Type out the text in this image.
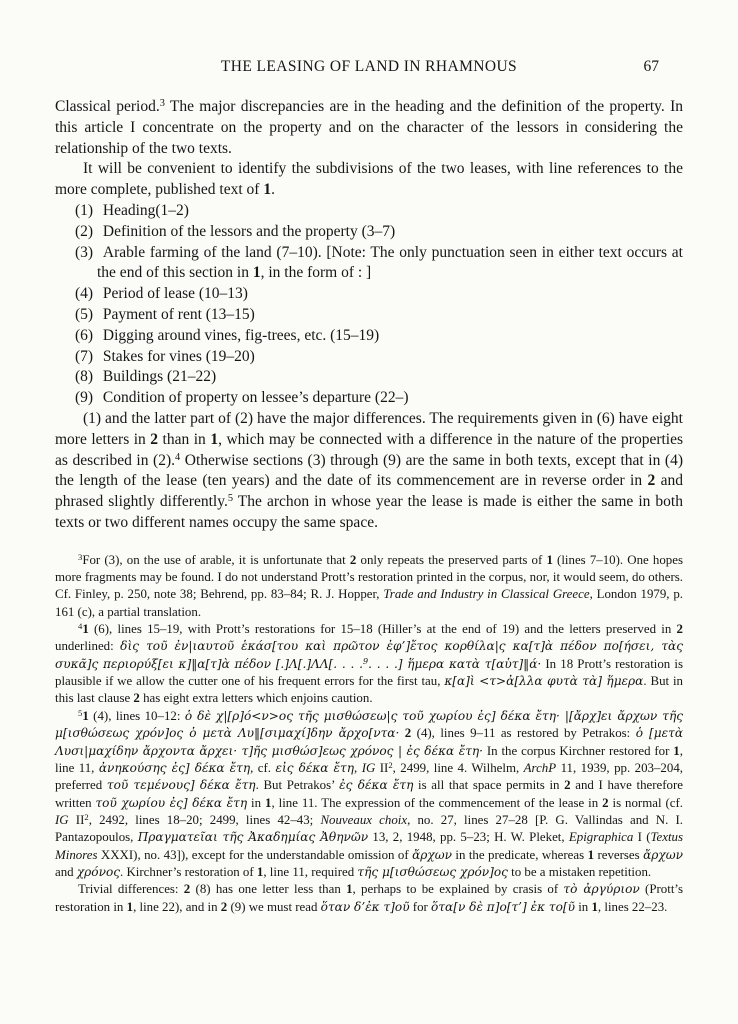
THE LEASING OF LAND IN RHAMNOUS	67

Classical period.$^3$ The major discrepancies are in the heading and the definition of the property. In this article I concentrate on the property and on the character of the lessors in considering the relationship of the two texts.

It will be convenient to identify the subdivisions of the two leases, with line references to the more complete, published text of 1.

(1) Heading(1–2)
(2) Definition of the lessors and the property (3–7)
(3) Arable farming of the land (7–10). [Note: The only punctuation seen in either text occurs at the end of this section in 1, in the form of : ]
(4) Period of lease (10–13)
(5) Payment of rent (13–15)
(6) Digging around vines, fig-trees, etc. (15–19)
(7) Stakes for vines (19–20)
(8) Buildings (21–22)
(9) Condition of property on lessee’s departure (22–)

(1) and the latter part of (2) have the major differences. The requirements given in (6) have eight more letters in 2 than in 1, which may be connected with a difference in the nature of the properties as described in (2).$^4$ Otherwise sections (3) through (9) are the same in both texts, except that in (4) the length of the lease (ten years) and the date of its commencement are in reverse order in 2 and phrased slightly differently.$^5$ The archon in whose year the lease is made is either the same in both texts or two different names occupy the same space.

$^3$For (3), on the use of arable, it is unfortunate that 2 only repeats the preserved parts of 1 (lines 7–10). One hopes more fragments may be found. I do not understand Prott’s restoration printed in the corpus, nor, it would seem, do others. Cf. Finley, p. 250, note 38; Behrend, pp. 83–84; R. J. Hopper, Trade and Industry in Classical Greece, London 1979, p. 161 (c), a partial translation.

$^4$1 (6), lines 15–19, with Prott’s restorations for 15–18 (Hiller’s at the end of 19) and the letters preserved in 2 underlined: δὶς τοῦ ἐν|ιαυτοῦ ἑκάσ[του καὶ πρῶτον ἐφ’]ἔτος κορθίλα|ς κα[τ]ὰ πέδον πο[ήσει, τὰς συκᾶ]ς περιορύξ[ει κ]‖α[τ]ὰ πέδον [.]Λ[.]ΛΛ[. . . .$^9$. . . .] ἥμερα κατὰ τ[αὑτ]‖ά· In 18 Prott’s restoration is plausible if we allow the cutter one of his frequent errors for the first tau, κ[α]ὶ <τ>ἀ[λλα φυτὰ τὰ] ἥμερα. But in this last clause 2 has eight extra letters which enjoins caution.

$^5$1 (4), lines 10–12: ὁ δὲ χ|[ρ]ό<ν>ος τῆς μισθώσεω|ς τοῦ χωρίου ἐς] δέκα ἔτη· |[ἄρχ]ει ἄρχων τῆς μ[ισθώσεως χρόν]ος ὁ μετὰ Λυ‖[σιμαχί]δην ἄρχο[ντα· 2 (4), lines 9–11 as restored by Petrakos: ὁ [μετὰ Λυσι|μαχίδην ἄρχοντα ἄρχει· τ]ῆς μισθώσ]εως χρόνος | ἐς δέκα ἔτη· In the corpus Kirchner restored for 1, line 11, ἀνηκούσης ἐς] δέκα ἔτη, cf. εἰς δέκα ἔτη, IG $II^2$, 2499, line 4. Wilhelm, ArchP 11, 1939, pp. 203–204, preferred τοῦ τεμένους] δέκα ἔτη. But Petrakos’ ἐς δέκα ἔτη is all that space permits in 2 and I have therefore written τοῦ χωρίου ἐς] δέκα ἔτη in 1, line 11. The expression of the commencement of the lease in 2 is normal (cf. IG $II^2$, 2492, lines 18–20; 2499, lines 42–43; Nouveaux choix, no. 27, lines 27–28 [P. G. Vallindas and N. I. Pantazopoulos, Πραγματεῖαι τῆς Ἀκαδημίας Ἀθηνῶν 13, 2, 1948, pp. 5–23; H. W. Pleket, Epigraphica I (Textus Minores XXXI), no. 43]), except for the understandable omission of ἄρχων in the predicate, whereas 1 reverses ἄρχων and χρόνος. Kirchner’s restoration of 1, line 11, required τῆς μ[ισθώσεως χρόν]ος to be a mistaken repetition.

Trivial differences: 2 (8) has one letter less than 1, perhaps to be explained by crasis of τὸ ἀργύριον (Prott’s restoration in 1, line 22), and in 2 (9) we must read ὅταν δ’ἐκ τ]οῦ for ὅτα[ν δὲ π]ο[τ’] ἐκ το[ῦ in 1, lines 22–23.
